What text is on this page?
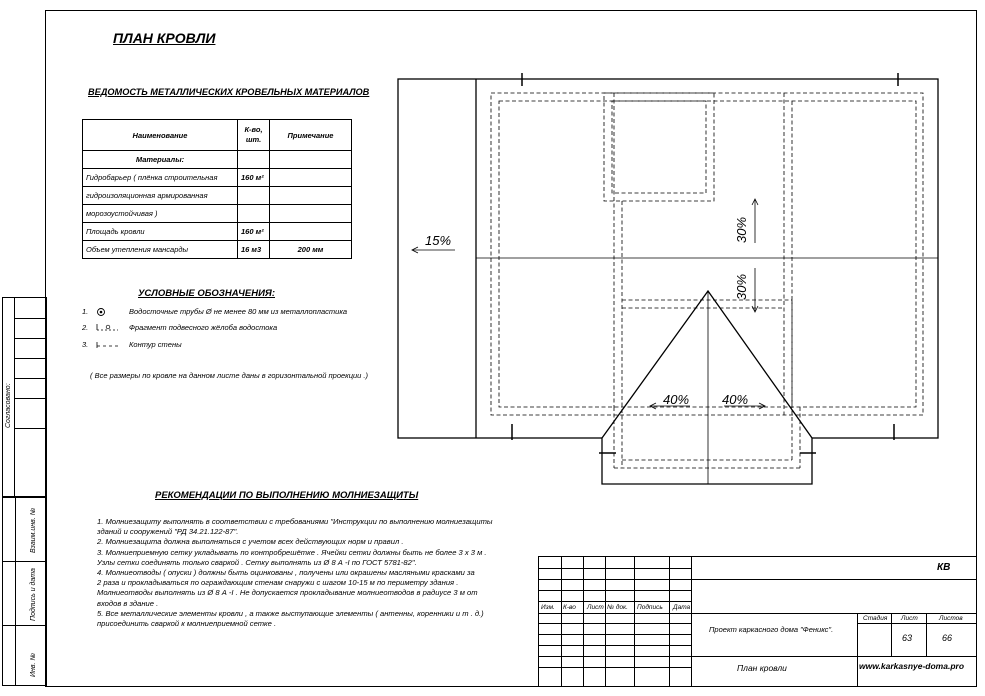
Согласовано:
Взаим.инв. №
Подпись и дата
Инв. №
ПЛАН КРОВЛИ
ВЕДОМОСТЬ МЕТАЛЛИЧЕСКИХ КРОВЕЛЬНЫХ МАТЕРИАЛОВ
Наименование	К-во, шт.	Примечание
Материалы:		
Гидробарьер ( плёнка строительная	160 м²	
гидроизоляционная армированная		
морозоустойчивая )		
Площадь кровли	160 м²	
Объем утепления мансарды	16 м3	200 мм
УСЛОВНЫЕ ОБОЗНАЧЕНИЯ:
1.	Водосточные трубы Ø не менее 80 мм из металлопластика
2.	Фрагмент подвесного жёлоба водостока
3.	Контур стены
( Все размеры по кровле на данном листе даны в горизонтальной проекции .)
15%	30%
30%
40%	40%
РЕКОМЕНДАЦИИ ПО ВЫПОЛНЕНИЮ МОЛНИЕЗАЩИТЫ
1. Молниезащиту выполнять в соответствии с требованиями "Инструкции по выполнению молниезащиты
зданий и сооружений "РД 34.21.122-87".
2. Молниезащита должна выполняться с учетом всех действующих норм и правил .
3. Молниеприемную сетку укладывать по контробрешётке . Ячейки сетки должны быть не более 3 х 3 м .
Узлы сетки соединять только сваркой . Сетку выполнять из Ø 8 А -I по ГОСТ 5781-82".
4. Молниеотводы ( опуски ) должны быть оцинкованы , получены или окрашены масляными красками за
2 раза и прокладываться по ограждающим стенам снаружи с шагом 10-15 м по периметру здания .
Молниеотводы выполнять из Ø 8 А -I . Не допускается прокладывание молниеотводов в радиусе 3 м от
входов в здание .
5. Все металлические элементы кровли , а также выступающие элементы ( антенны, коренники и т . д.)
присоединить сваркой к молниеприемной сетке .
Изм. К-во Лист № док. Подпись Дата
КВ
Проект каркасного дома "Феникс".
Стадия Лист	Листов
63	66
План кровли	www.karkasnye-doma.pro
